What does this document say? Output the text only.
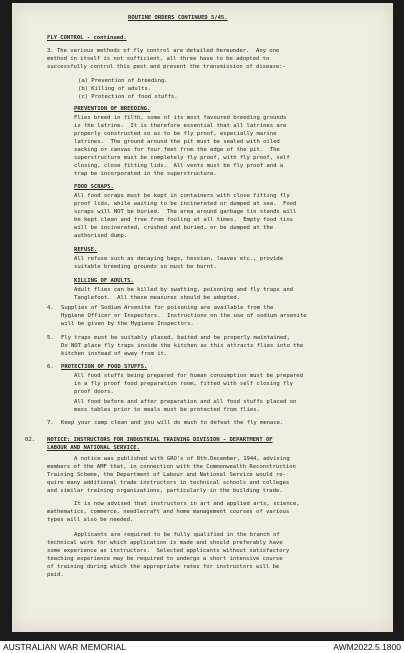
ROUTINE ORDERS CONTINUED 5/45.
FLY CONTROL - continued.
3. The various methods of fly control are detailed hereunder.  Any one
method in itself is not sufficient, all three have to be adopted to
successfully control this pest and prevent the transmission of disease:-
(a) Prevention of breeding.
(b) Killing of adults.
(c) Protection of food stuffs.
PREVENTION OF BREEDING.
Flies breed in filth, some of its most favoured breeding grounds
is the latrine.  It is therefore essential that all latrines are
properly constructed so as to be fly proof, especially marine
latrines.  The ground around the pit must be sealed with oiled
sacking or canvas for four feet from the edge of the pit.  The
superstructure must be completely fly proof, with fly proof, self
closing, close fitting lids.  All vents must be fly proof and a
trap be incorporated in the superstructure.
FOOD SCRAPS.
All food scraps must be kept in containers with close fitting fly
proof lids, while waiting to be incinerated or dumped at sea.  Food
scraps will NOT be buried.  The area around garbage tin stands will
be kept clean and free from fouling at all times.  Empty food tins
will be incinerated, crushed and buried, or be dumped at the
authorised dump.
REFUSE.
All refuse such as decaying bags, hessian, leaves etc., provide
suitable breeding grounds so must be burnt.
KILLING OF ADULTS.
Adult flies can be killed by swatting, poisoning and fly traps and
Tanglefoot.  All these measures should be adopted.
4. Supplies of Sodium Arsenite for poisoning are available from the
Hygiene Officer or Inspectors.  Instructions on the use of sodium arsenite
will be given by the Hygiene Inspectors.
5. Fly traps must be suitably placed, baited and be properly maintained,
Do NOT place fly traps inside the kitchen as this attracts flies into the
kitchen instead of away from it.
6. PROTECTION OF FOOD STUFFS.
All food stuffs being prepared for human consumption must be prepared
in a fly proof food preparation room, fitted with self closing fly
proof doors.
All food before and after preparation and all food stuffs placed on
mess tables prior to meals must be protected from flies.
7. Keep your camp clean and you will do much to defeat the fly menace.
02. NOTICE: INSTRUCTORS FOR INDUSTRIAL TRAINING DIVISION - DEPARTMENT OF
LABOUR AND NATIONAL SERVICE.
A notice was published with GRO's of 8th.December, 1944, advising
members of the AMF that, in connection with the Commonwealth Reconstruction
Training Scheme, the Department of Labour and National Service would re-
quire many additional trade instructors in technical schools and colleges
and similar training organizations, particularly in the building trade.
It is now advised that instructors in art and applied arts, science,
mathematics, commerce, needlecraft and home management courses of various
types will also be needed.
Applicants are required to be fully qualified in the branch of
technical work for which application is made and should preferably have
some experience as instructors.  Selected applicants without satisfactory
teaching experience may be required to undergo a short intensive course
of training during which the appropriate rates for instructors will be
paid.
AUSTRALIAN WAR MEMORIAL	AWM2022.5.1800
